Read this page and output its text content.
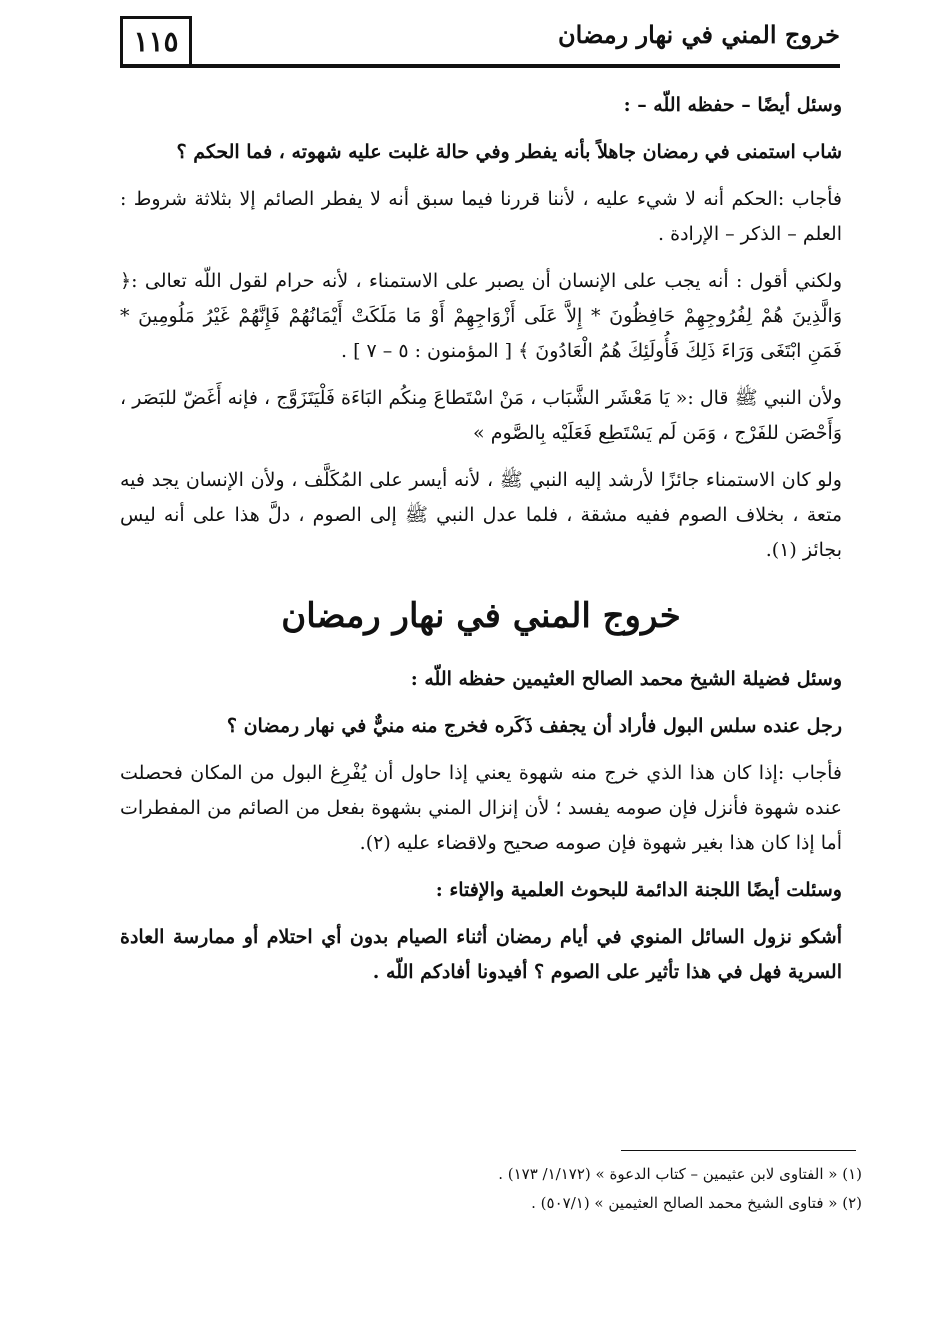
١١٥	خروج المني في نهار رمضان

وسئل أيضًا – حفظه اللّه – :

شاب استمنى في رمضان جاهلاً بأنه يفطر وفي حالة غلبت عليه شهوته ، فما الحكم ؟

فأجاب :الحكم أنه لا شيء عليه ، لأننا قررنا فيما سبق أنه لا يفطر الصائم إلا بثلاثة شروط : العلم – الذكر – الإرادة .

ولكني أقول : أنه يجب على الإنسان أن يصبر على الاستمناء ، لأنه حرام لقول اللّه تعالى :﴿ وَالَّذِينَ هُمْ لِفُرُوجِهِمْ حَافِظُونَ * إِلاَّ عَلَى أَزْوَاجِهِمْ أَوْ مَا مَلَكَتْ أَيْمَانُهُمْ فَإِنَّهُمْ غَيْرُ مَلُومِينَ * فَمَنِ ابْتَغَى وَرَاءَ ذَلِكَ فَأُولَئِكَ هُمُ الْعَادُونَ ﴾ [ المؤمنون : ٥ – ٧ ] .

ولأن النبي ﷺ قال :« يَا مَعْشَر الشَّبَاب ، مَنْ اسْتَطاعَ مِنكُم البَاءَة فَلْيَتَزَوَّج ، فإنه أَغَضّ للبَصَر ، وَأَحْصَن للفَرْج ، وَمَن لَم يَسْتَطِع فَعَلَيْه بِالصَّوم »

ولو كان الاستمناء جائزًا لأرشد إليه النبي ﷺ ، لأنه أيسر على المُكَلَّف ، ولأن الإنسان يجد فيه متعة ، بخلاف الصوم ففيه مشقة ، فلما عدل النبي ﷺ إلى الصوم ، دلَّ هذا على أنه ليس بجائز (١).

خروج المني في نهار رمضان

وسئل فضيلة الشيخ محمد الصالح العثيمين حفظه اللّه :

رجل عنده سلس البول فأراد أن يجفف ذَكَره فخرج منه منيٌّ في نهار رمضان ؟

فأجاب :إذا كان هذا الذي خرج منه شهوة يعني إذا حاول أن يُفْرِغ البول من المكان فحصلت عنده شهوة فأنزل فإن صومه يفسد ؛ لأن إنزال المني بشهوة بفعل من الصائم من المفطرات أما إذا كان هذا بغير شهوة فإن صومه صحيح ولاقضاء عليه (٢).

وسئلت أيضًا اللجنة الدائمة للبحوث العلمية والإفتاء :

أشكو نزول السائل المنوي في أيام رمضان أثناء الصيام بدون أي احتلام أو ممارسة العادة السرية فهل في هذا تأثير على الصوم ؟ أفيدونا أفادكم اللّه .

(١) « الفتاوى لابن عثيمين – كتاب الدعوة » (١/١٧٢/ ١٧٣) .

(٢) « فتاوى الشيخ محمد الصالح العثيمين » (٥٠٧/١) .
